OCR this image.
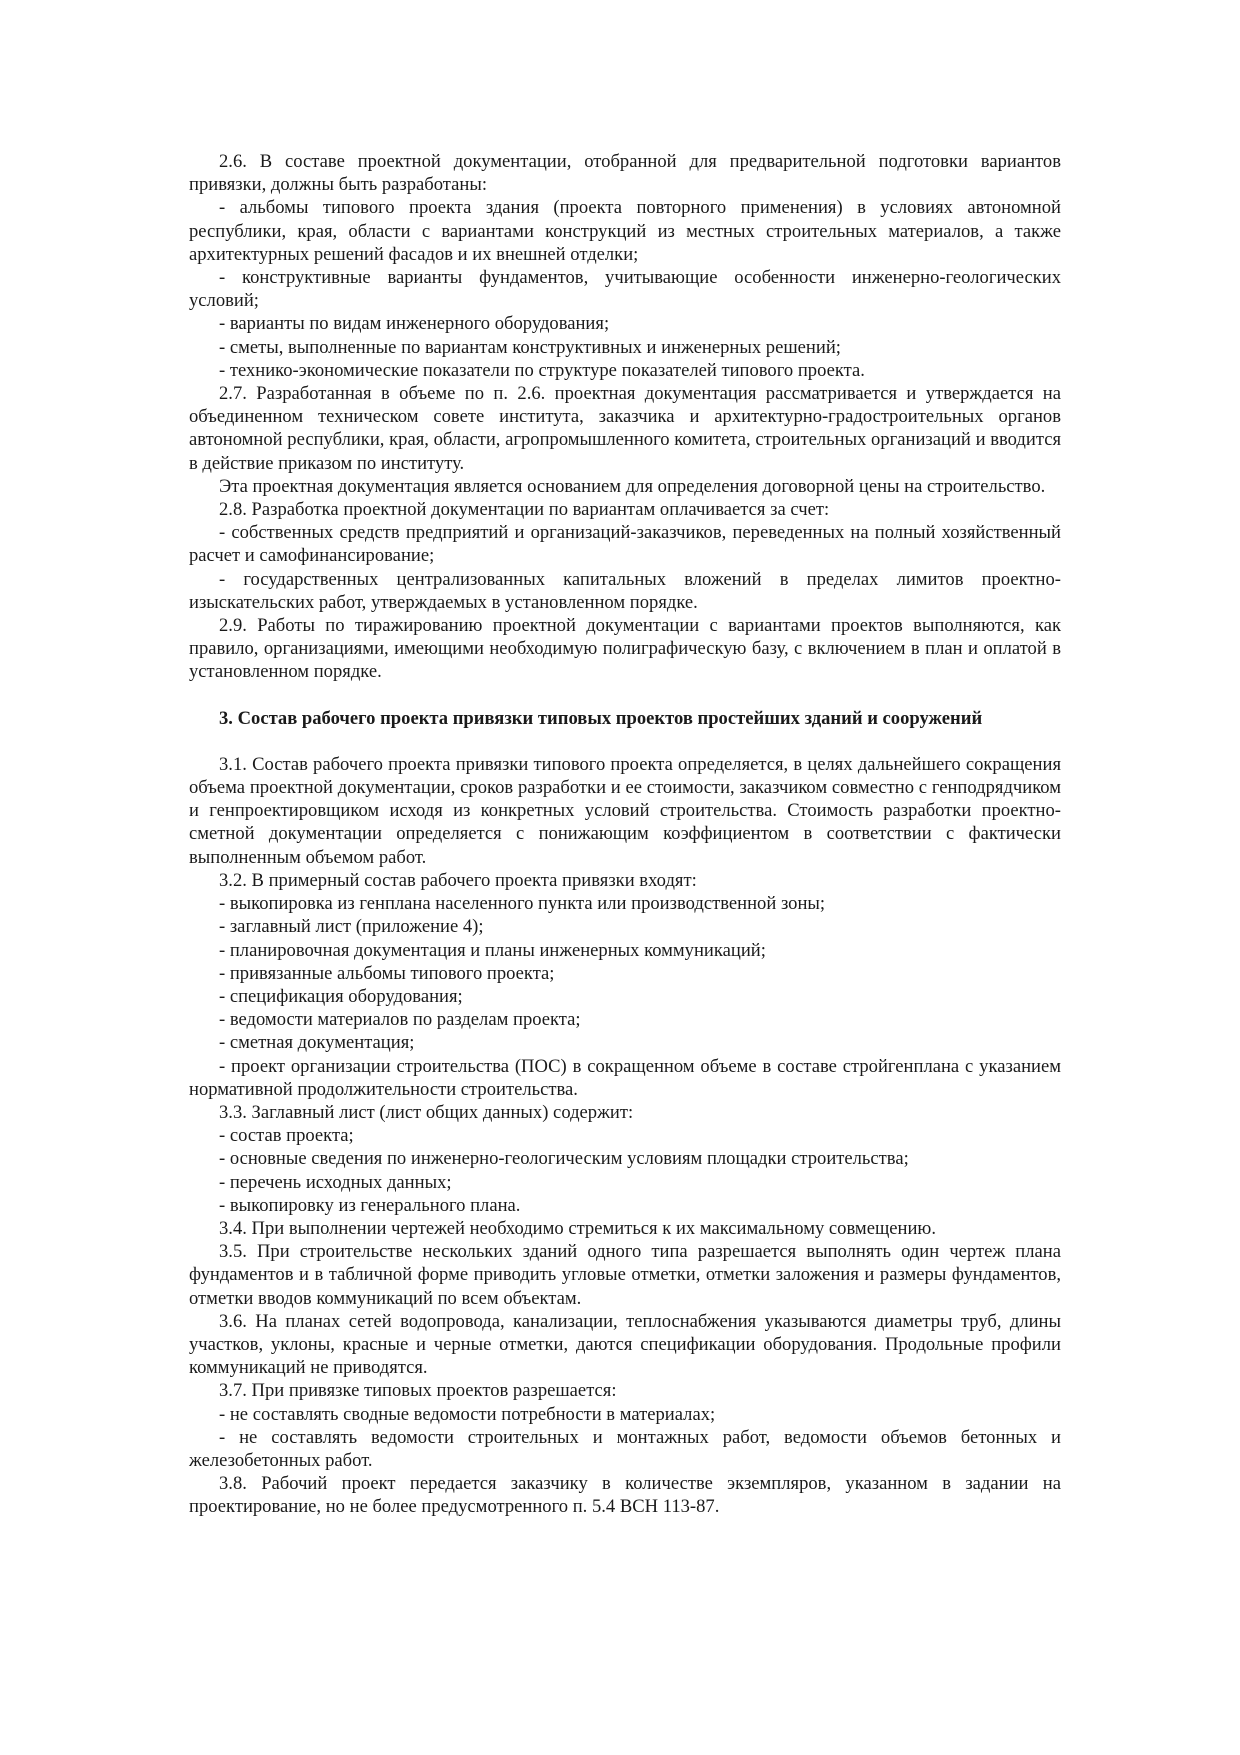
2.6. В составе проектной документации, отобранной для предварительной подготовки вариантов привязки, должны быть разработаны:

- альбомы типового проекта здания (проекта повторного применения) в условиях автономной республики, края, области с вариантами конструкций из местных строительных материалов, а также архитектурных решений фасадов и их внешней отделки;

- конструктивные варианты фундаментов, учитывающие особенности инженерно-геологических условий;

- варианты по видам инженерного оборудования;

- сметы, выполненные по вариантам конструктивных и инженерных решений;

- технико-экономические показатели по структуре показателей типового проекта.

2.7. Разработанная в объеме по п. 2.6. проектная документация рассматривается и утверждается на объединенном техническом совете института, заказчика и архитектурно-градостроительных органов автономной республики, края, области, агропромышленного комитета, строительных организаций и вводится в действие приказом по институту.

Эта проектная документация является основанием для определения договорной цены на строительство.

2.8. Разработка проектной документации по вариантам оплачивается за счет:

- собственных средств предприятий и организаций-заказчиков, переведенных на полный хозяйственный расчет и самофинансирование;

- государственных централизованных капитальных вложений в пределах лимитов проектно-изыскательских работ, утверждаемых в установленном порядке.

2.9. Работы по тиражированию проектной документации с вариантами проектов выполняются, как правило, организациями, имеющими необходимую полиграфическую базу, с включением в план и оплатой в установленном порядке.

3. Состав рабочего проекта привязки типовых проектов простейших зданий и сооружений

3.1. Состав рабочего проекта привязки типового проекта определяется, в целях дальнейшего сокращения объема проектной документации, сроков разработки и ее стоимости, заказчиком совместно с генподрядчиком и генпроектировщиком исходя из конкретных условий строительства. Стоимость разработки проектно-сметной документации определяется с понижающим коэффициентом в соответствии с фактически выполненным объемом работ.

3.2. В примерный состав рабочего проекта привязки входят:

- выкопировка из генплана населенного пункта или производственной зоны;

- заглавный лист (приложение 4);

- планировочная документация и планы инженерных коммуникаций;

- привязанные альбомы типового проекта;

- спецификация оборудования;

- ведомости материалов по разделам проекта;

- сметная документация;

- проект организации строительства (ПОС) в сокращенном объеме в составе стройгенплана с указанием нормативной продолжительности строительства.

3.3. Заглавный лист (лист общих данных) содержит:

- состав проекта;

- основные сведения по инженерно-геологическим условиям площадки строительства;

- перечень исходных данных;

- выкопировку из генерального плана.

3.4. При выполнении чертежей необходимо стремиться к их максимальному совмещению.

3.5. При строительстве нескольких зданий одного типа разрешается выполнять один чертеж плана фундаментов и в табличной форме приводить угловые отметки, отметки заложения и размеры фундаментов, отметки вводов коммуникаций по всем объектам.

3.6. На планах сетей водопровода, канализации, теплоснабжения указываются диаметры труб, длины участков, уклоны, красные и черные отметки, даются спецификации оборудования. Продольные профили коммуникаций не приводятся.

3.7. При привязке типовых проектов разрешается:

- не составлять сводные ведомости потребности в материалах;

- не составлять ведомости строительных и монтажных работ, ведомости объемов бетонных и железобетонных работ.

3.8. Рабочий проект передается заказчику в количестве экземпляров, указанном в задании на проектирование, но не более предусмотренного п. 5.4 ВСН 113-87.
